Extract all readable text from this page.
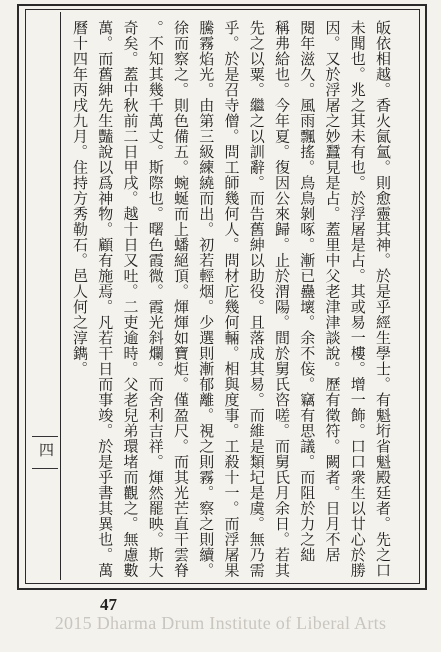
四	皈依相越。香火氤氳。則愈靈其神。於是乎經生學士。有魁垳省魁殿廷者。先之口
未聞也。兆之其未有也。於浮屠是占。其或易一樓。增一飾。口口衆生以廿心於勝
因。又於浮屠之妙蠶見是占。蓋里中父老津津談說。歷有徵符。闕者。日月不居
閱年滋久。風雨飄搖。鳥鳥剝啄。漸已蠱壞。余不侫。竊有思議。而阻於力之絀
稱弗給也。今年夏。復因公來歸。止於渭陽。間於舅氏咨嗟。而舅氏月余日。若其
先之以粟。繼之以訓辭。而告舊紳以助役。且落成其易。而維是類圮是虞。無乃需
乎。於是召寺僧。問工師幾何人。問材庀幾何輛。相與度事。工殺十一。而浮屠果
騰霧焰光。由第三級練繞而出。初若輕烟。少選則漸郁離。視之則霧。察之則續。
徐而察之。則色備五。蜿蜒而上蟠絕頂。煇煇如寶炬。僅盈尺。而其光芒直干雲脊
。不知其幾千萬丈。斯際也。曙色霞微。霞光斜爛。而舍利吉祥。煇然罷映。斯大
奇矣。蓋中秋前二日甲戌。越十日又吐。二吏逾時。父老兒弟環堵而觀之。無慮數
萬。而舊紳先生豔說以爲神物。顧有施焉。凡若干日而事竣。於是乎書其異也。萬
曆十四年丙戌九月。住持方秀勒石。邑人何之淳鐫。
47
2015 Dharma Drum Institute of Liberal Arts
